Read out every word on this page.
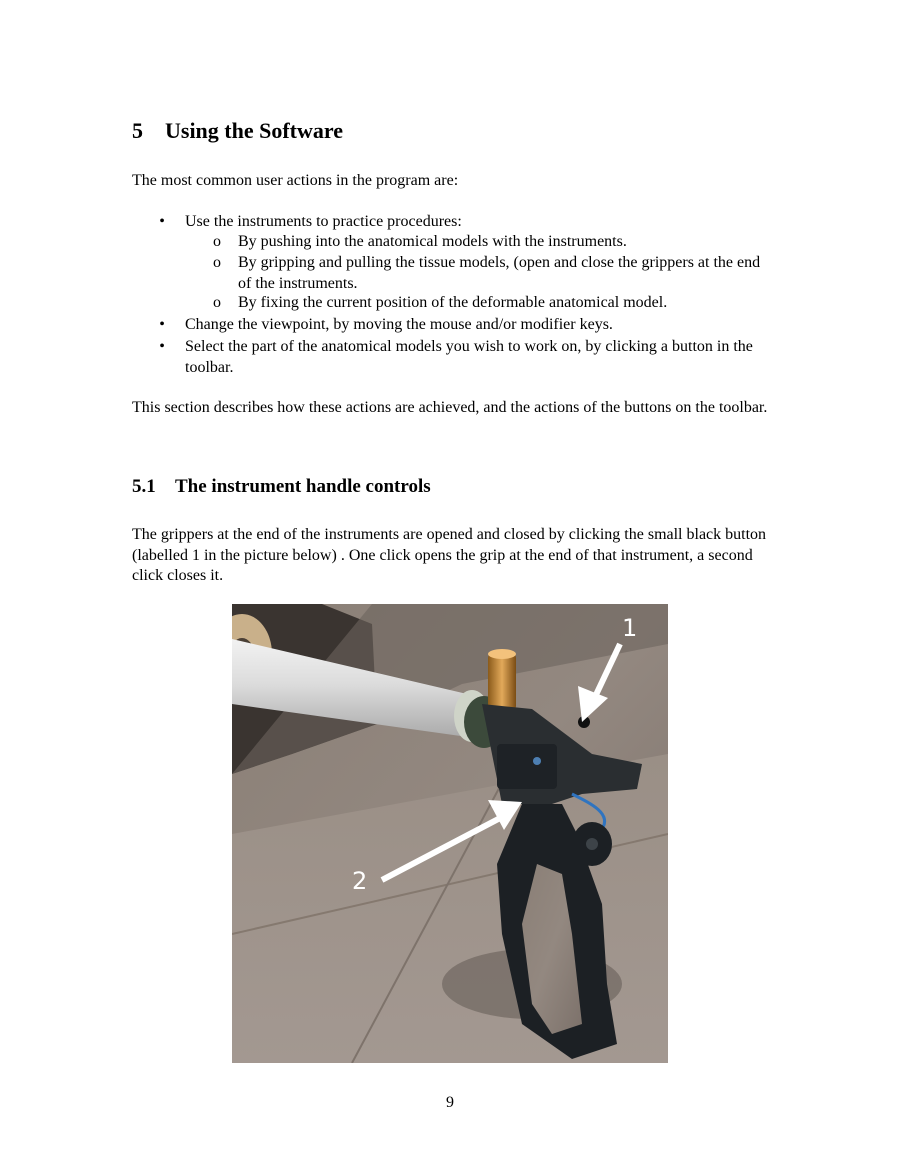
5 Using the Software

The most common user actions in the program are:

• Use the instruments to practice procedures:
o By pushing into the anatomical models with the instruments.
o By gripping and pulling the tissue models, (open and close the grippers at the end of the instruments.
o By fixing the current position of the deformable anatomical model.
• Change the viewpoint, by moving the mouse and/or modifier keys.
• Select the part of the anatomical models you wish to work on, by clicking a button in the toolbar.

This section describes how these actions are achieved, and the actions of the buttons on the toolbar.

5.1 The instrument handle controls

The grippers at the end of the instruments are opened and closed by clicking the small black button (labelled 1 in the picture below) . One click opens the grip at the end of that instrument, a second click closes it.

1
2
9
